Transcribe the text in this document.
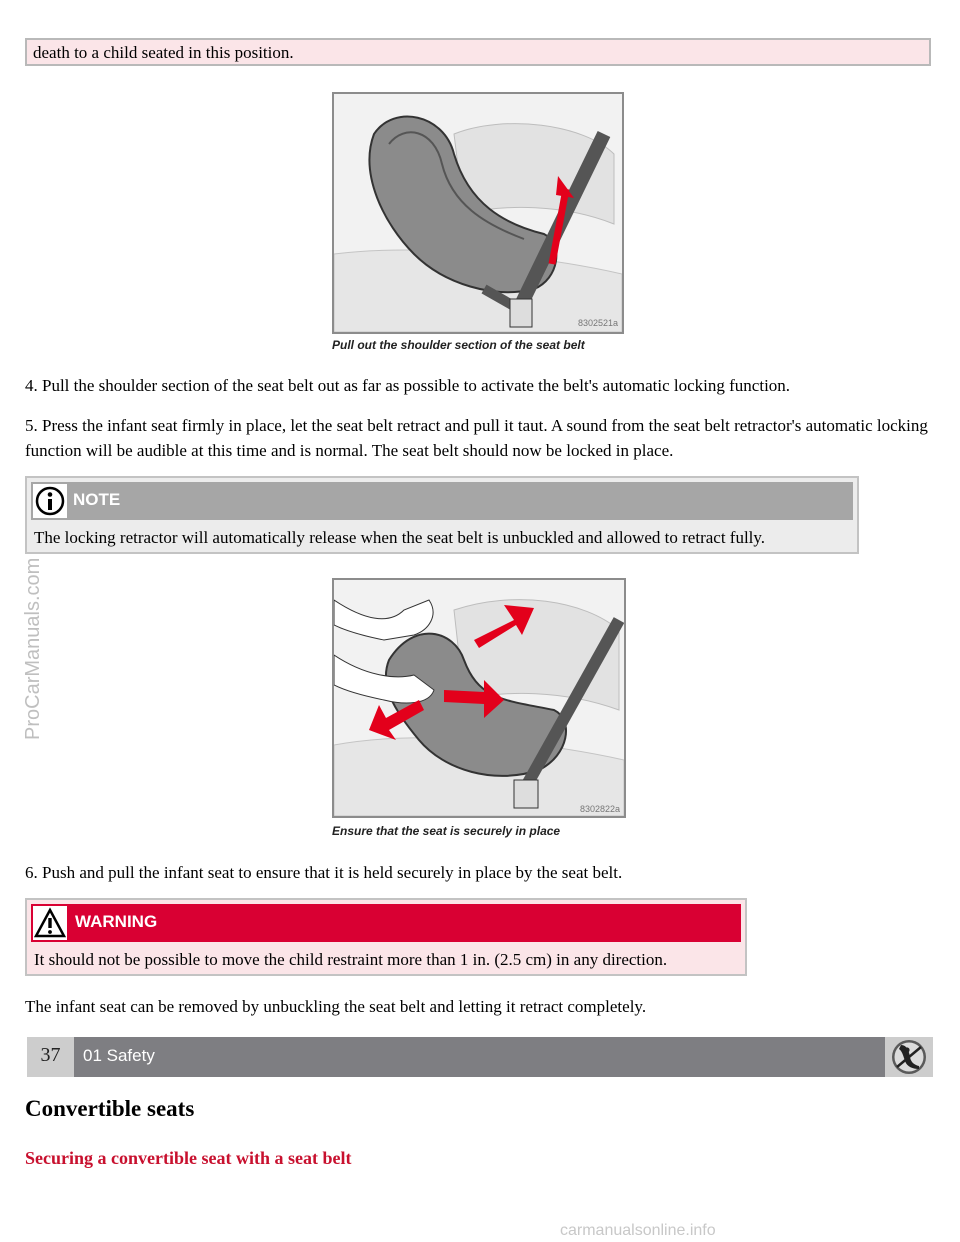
death to a child seated in this position.
8302521a
Pull out the shoulder section of the seat belt
4. Pull the shoulder section of the seat belt out as far as possible to activate the belt's automatic locking function.
5. Press the infant seat firmly in place, let the seat belt retract and pull it taut. A sound from the seat belt retractor's automatic locking function will be audible at this time and is normal. The seat belt should now be locked in place.
NOTE
The locking retractor will automatically release when the seat belt is unbuckled and allowed to retract fully.
8302822a
Ensure that the seat is securely in place
6. Push and pull the infant seat to ensure that it is held securely in place by the seat belt.
WARNING
It should not be possible to move the child restraint more than 1 in. (2.5 cm) in any direction.
The infant seat can be removed by unbuckling the seat belt and letting it retract completely.
37	01 Safety
Convertible seats
Securing a convertible seat with a seat belt
ProCarManuals.com
carmanualsonline.info
